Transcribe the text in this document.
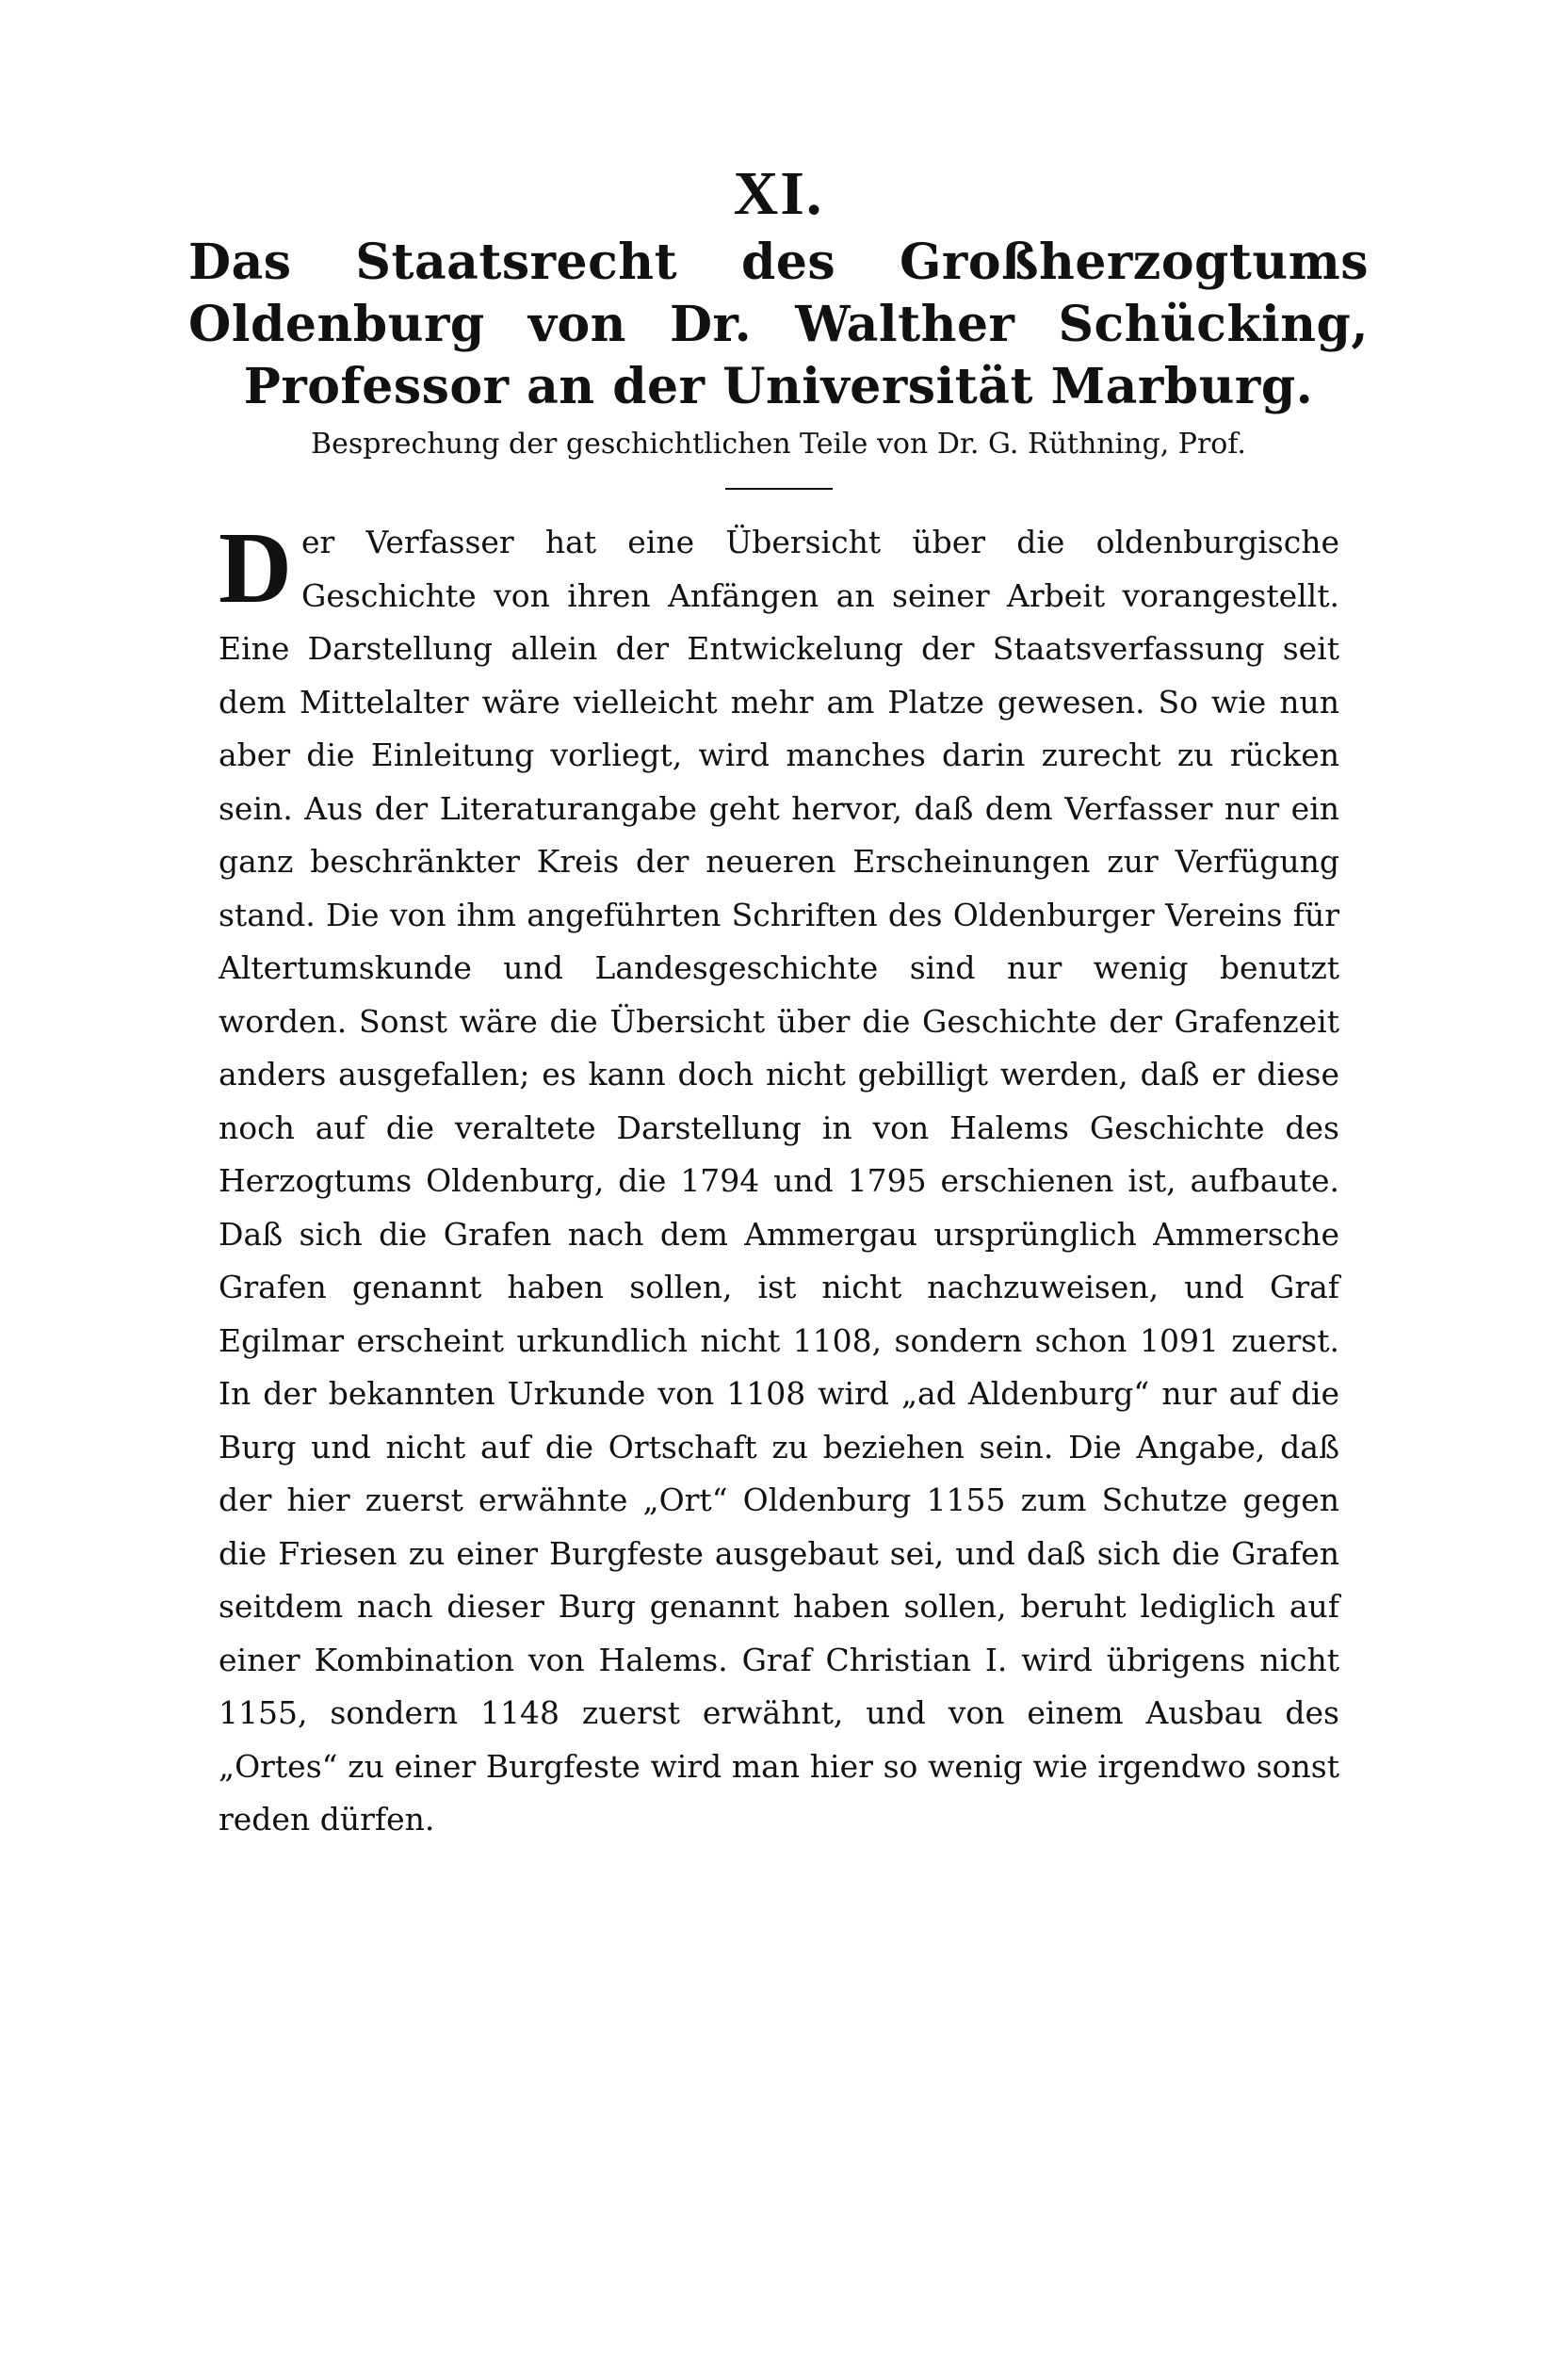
XI.
Das Staatsrecht des Großherzogtums Oldenburg von Dr. Walther Schücking, Professor an der Universität Marburg.
Besprechung der geschichtlichen Teile von Dr. G. Rüthning, Prof.

Der Verfasser hat eine Übersicht über die oldenburgische Geschichte von ihren Anfängen an seiner Arbeit vorangestellt. Eine Darstellung allein der Entwickelung der Staatsverfassung seit dem Mittelalter wäre vielleicht mehr am Platze gewesen. So wie nun aber die Einleitung vorliegt, wird manches darin zurecht zu rücken sein. Aus der Literaturangabe geht hervor, daß dem Verfasser nur ein ganz beschränkter Kreis der neueren Erscheinungen zur Verfügung stand. Die von ihm angeführten Schriften des Oldenburger Vereins für Altertumskunde und Landesgeschichte sind nur wenig benutzt worden. Sonst wäre die Übersicht über die Geschichte der Grafenzeit anders ausgefallen; es kann doch nicht gebilligt werden, daß er diese noch auf die veraltete Darstellung in von Halems Geschichte des Herzogtums Oldenburg, die 1794 und 1795 erschienen ist, aufbaute. Daß sich die Grafen nach dem Ammergau ursprünglich Ammersche Grafen genannt haben sollen, ist nicht nachzuweisen, und Graf Egilmar erscheint urkundlich nicht 1108, sondern schon 1091 zuerst. In der bekannten Urkunde von 1108 wird „ad Aldenburg“ nur auf die Burg und nicht auf die Ortschaft zu beziehen sein. Die Angabe, daß der hier zuerst erwähnte „Ort“ Oldenburg 1155 zum Schutze gegen die Friesen zu einer Burgfeste ausgebaut sei, und daß sich die Grafen seitdem nach dieser Burg genannt haben sollen, beruht lediglich auf einer Kombination von Halems. Graf Christian I. wird übrigens nicht 1155, sondern 1148 zuerst erwähnt, und von einem Ausbau des „Ortes“ zu einer Burgfeste wird man hier so wenig wie irgendwo sonst reden dürfen.
